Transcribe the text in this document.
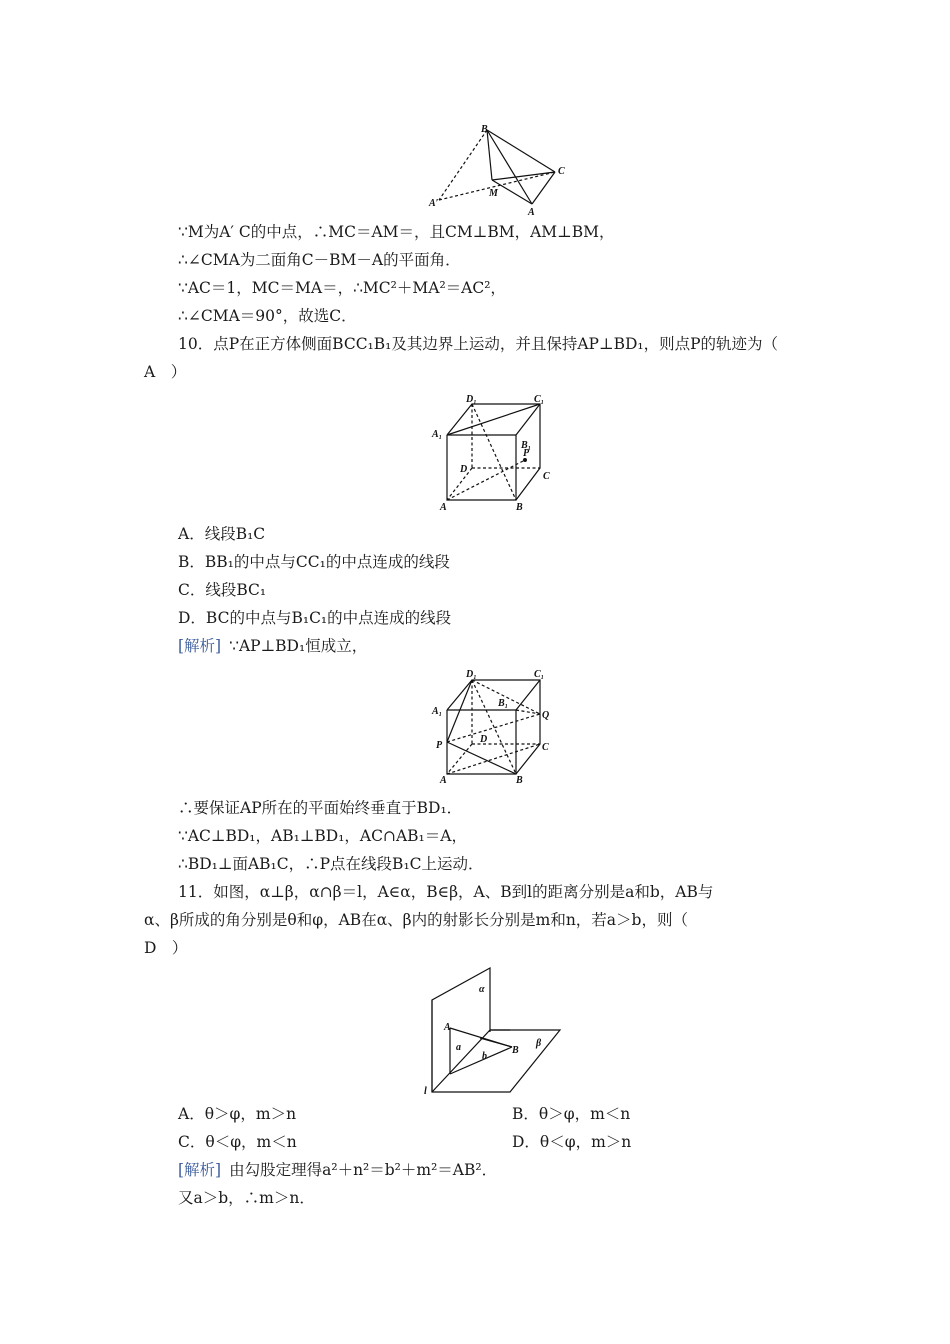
B
C
M
A
A′
∵M为A′ C的中点，∴MC＝AM＝，且CM⊥BM，AM⊥BM，
∴∠CMA为二面角C－BM－A的平面角．
∵AC＝1，MC＝MA＝，∴MC²＋MA²＝AC²，
∴∠CMA＝90°，故选C．
10．点P在正方体侧面BCC₁B₁及其边界上运动，并且保持AP⊥BD₁，则点P的轨迹为（
A　）
D₁	C₁
A₁
B₁
P
D
C
A	B
A．线段B₁C
B．BB₁的中点与CC₁的中点连成的线段
C．线段BC₁
D．BC的中点与B₁C₁的中点连成的线段
[解析] ∵AP⊥BD₁恒成立，
D₁	C₁
B₁
A₁	Q
D
P	C
A	B
∴要保证AP所在的平面始终垂直于BD₁．
∵AC⊥BD₁，AB₁⊥BD₁，AC∩AB₁＝A，
∴BD₁⊥面AB₁C，∴P点在线段B₁C上运动．
11．如图，α⊥β，α∩β＝l，A∈α，B∈β，A、B到l的距离分别是a和b，AB与
α、β所成的角分别是θ和φ，AB在α、β内的射影长分别是m和n，若a＞b，则（
D　）
α
A
a
b
B
β
l
A．θ＞φ，m＞n	B．θ＞φ，m＜n
C．θ＜φ，m＜n	D．θ＜φ，m＞n
[解析] 由勾股定理得a²＋n²＝b²＋m²＝AB²．
又a＞b，∴m＞n．
